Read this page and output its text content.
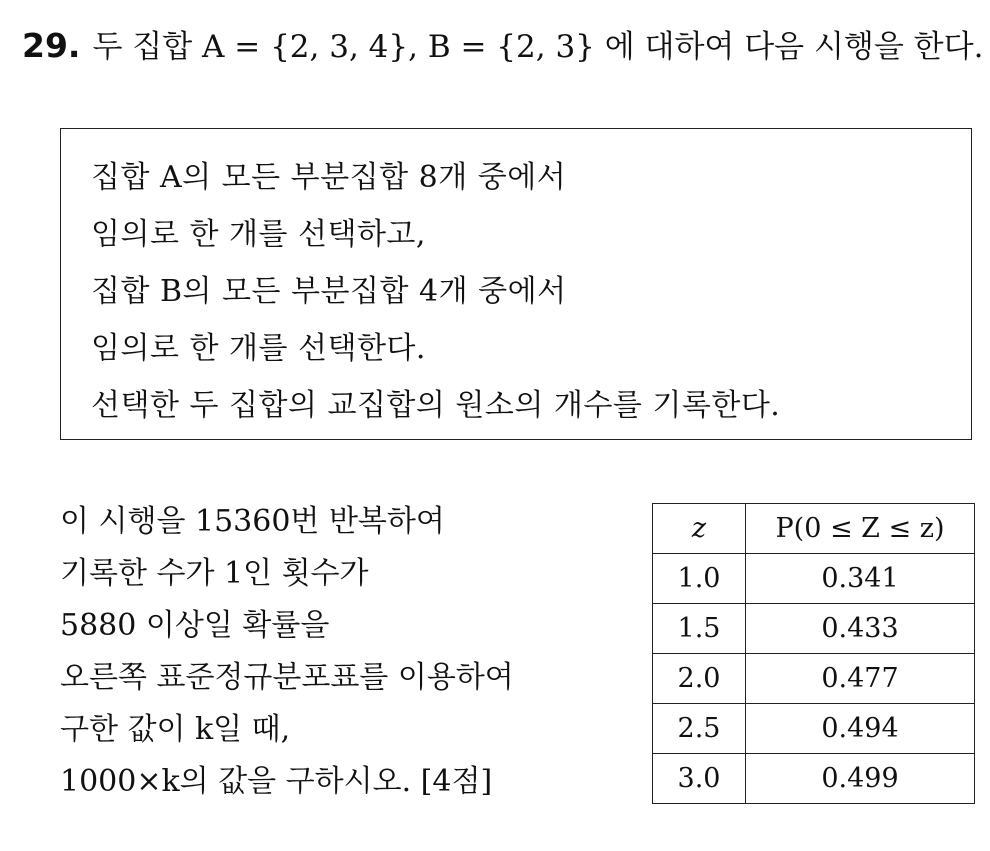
29. 두 집합 A = {2, 3, 4}, B = {2, 3} 에 대하여 다음 시행을 한다.
집합 A의 모든 부분집합 8개 중에서
임의로 한 개를 선택하고,
집합 B의 모든 부분집합 4개 중에서
임의로 한 개를 선택한다.
선택한 두 집합의 교집합의 원소의 개수를 기록한다.
이 시행을 15360번 반복하여
기록한 수가 1인 횟수가
5880 이상일 확률을
오른쪽 표준정규분포표를 이용하여
구한 값이 k일 때,
1000×k의 값을 구하시오. [4점]
z	P(0 ≤ Z ≤ z)
1.0	0.341
1.5	0.433
2.0	0.477
2.5	0.494
3.0	0.499
